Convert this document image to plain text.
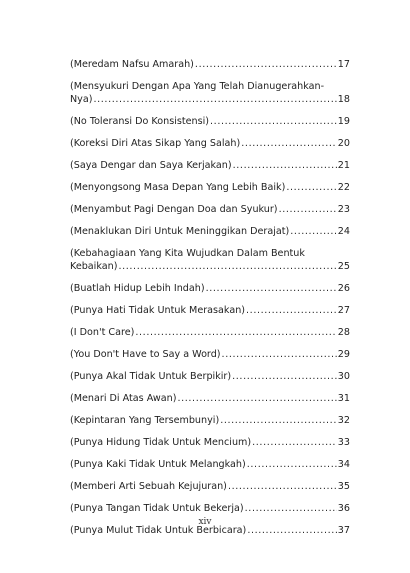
(Meredam Nafsu Amarah) .....	17
(Mensyukuri Dengan Apa Yang Telah Dianugerahkan-
Nya) .....	18
(No Toleransi Do Konsistensi) .....	19
(Koreksi Diri Atas Sikap Yang Salah) .....	20
(Saya Dengar dan Saya Kerjakan) .....	21
(Menyongsong Masa Depan Yang Lebih Baik) .....	22
(Menyambut Pagi Dengan Doa dan Syukur) .....	23
(Menaklukan Diri Untuk Meninggikan Derajat) .....	24
(Kebahagiaan Yang Kita Wujudkan Dalam Bentuk
Kebaikan) .....	25
(Buatlah Hidup Lebih Indah) .....	26
(Punya Hati Tidak Untuk Merasakan) .....	27
(I Don't Care) .....	28
(You Don't Have to Say a Word) .....	29
(Punya Akal Tidak Untuk Berpikir) .....	30
(Menari Di Atas Awan) .....	31
(Kepintaran Yang Tersembunyi) .....	32
(Punya Hidung Tidak Untuk Mencium) .....	33
(Punya Kaki Tidak Untuk Melangkah) .....	34
(Memberi Arti Sebuah Kejujuran) .....	35
(Punya Tangan Tidak Untuk Bekerja) .....	36
(Punya Mulut Tidak Untuk Berbicara) .....	37
xiv
